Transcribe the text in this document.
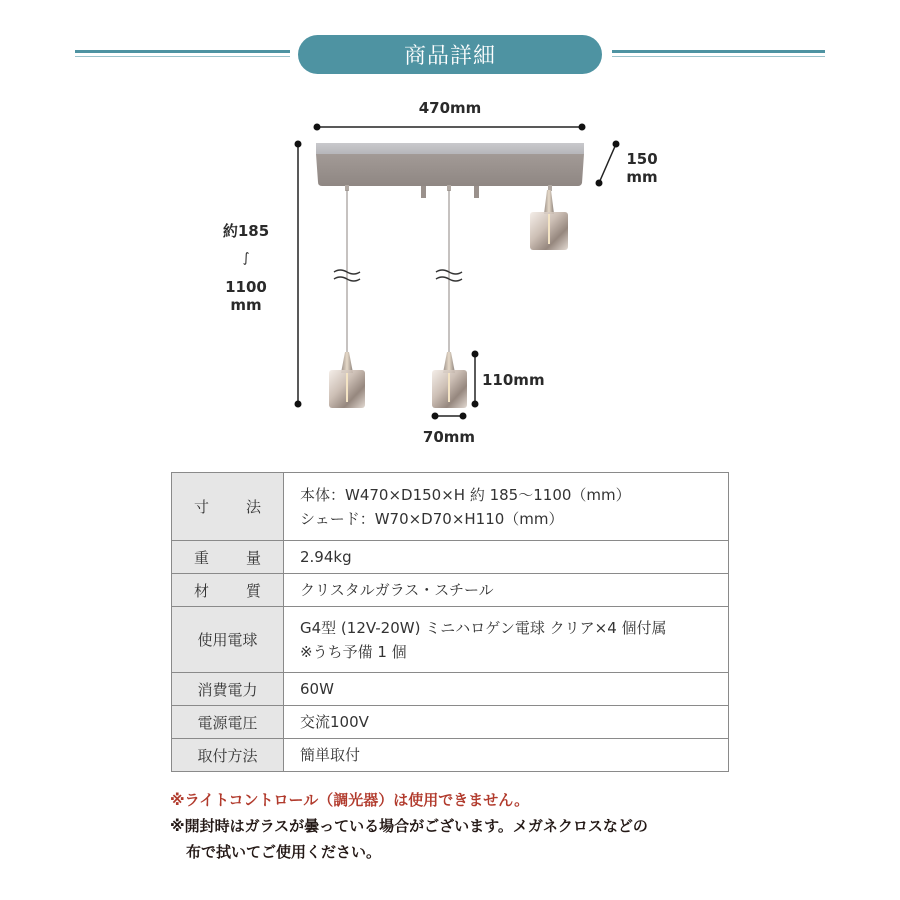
商品詳細
470mm
150
mm
約185
∫
1100
mm
110mm
70mm
寸 法

本体：W470×D150×H 約 185〜1100（mm）
シェード：W70×D70×H110（mm）

重 量	2.94kg

材 質	クリスタルガラス・スチール

使用電球	G4型 (12V-20W) ミニハロゲン電球 クリア×4 個付属
※うち予備 1 個

消費電力	60W

電源電圧	交流100V

取付方法	簡単取付
※ライトコントロール（調光器）は使用できません。
※開封時はガラスが曇っている場合がございます。メガネクロスなどの
布で拭いてご使用ください。
